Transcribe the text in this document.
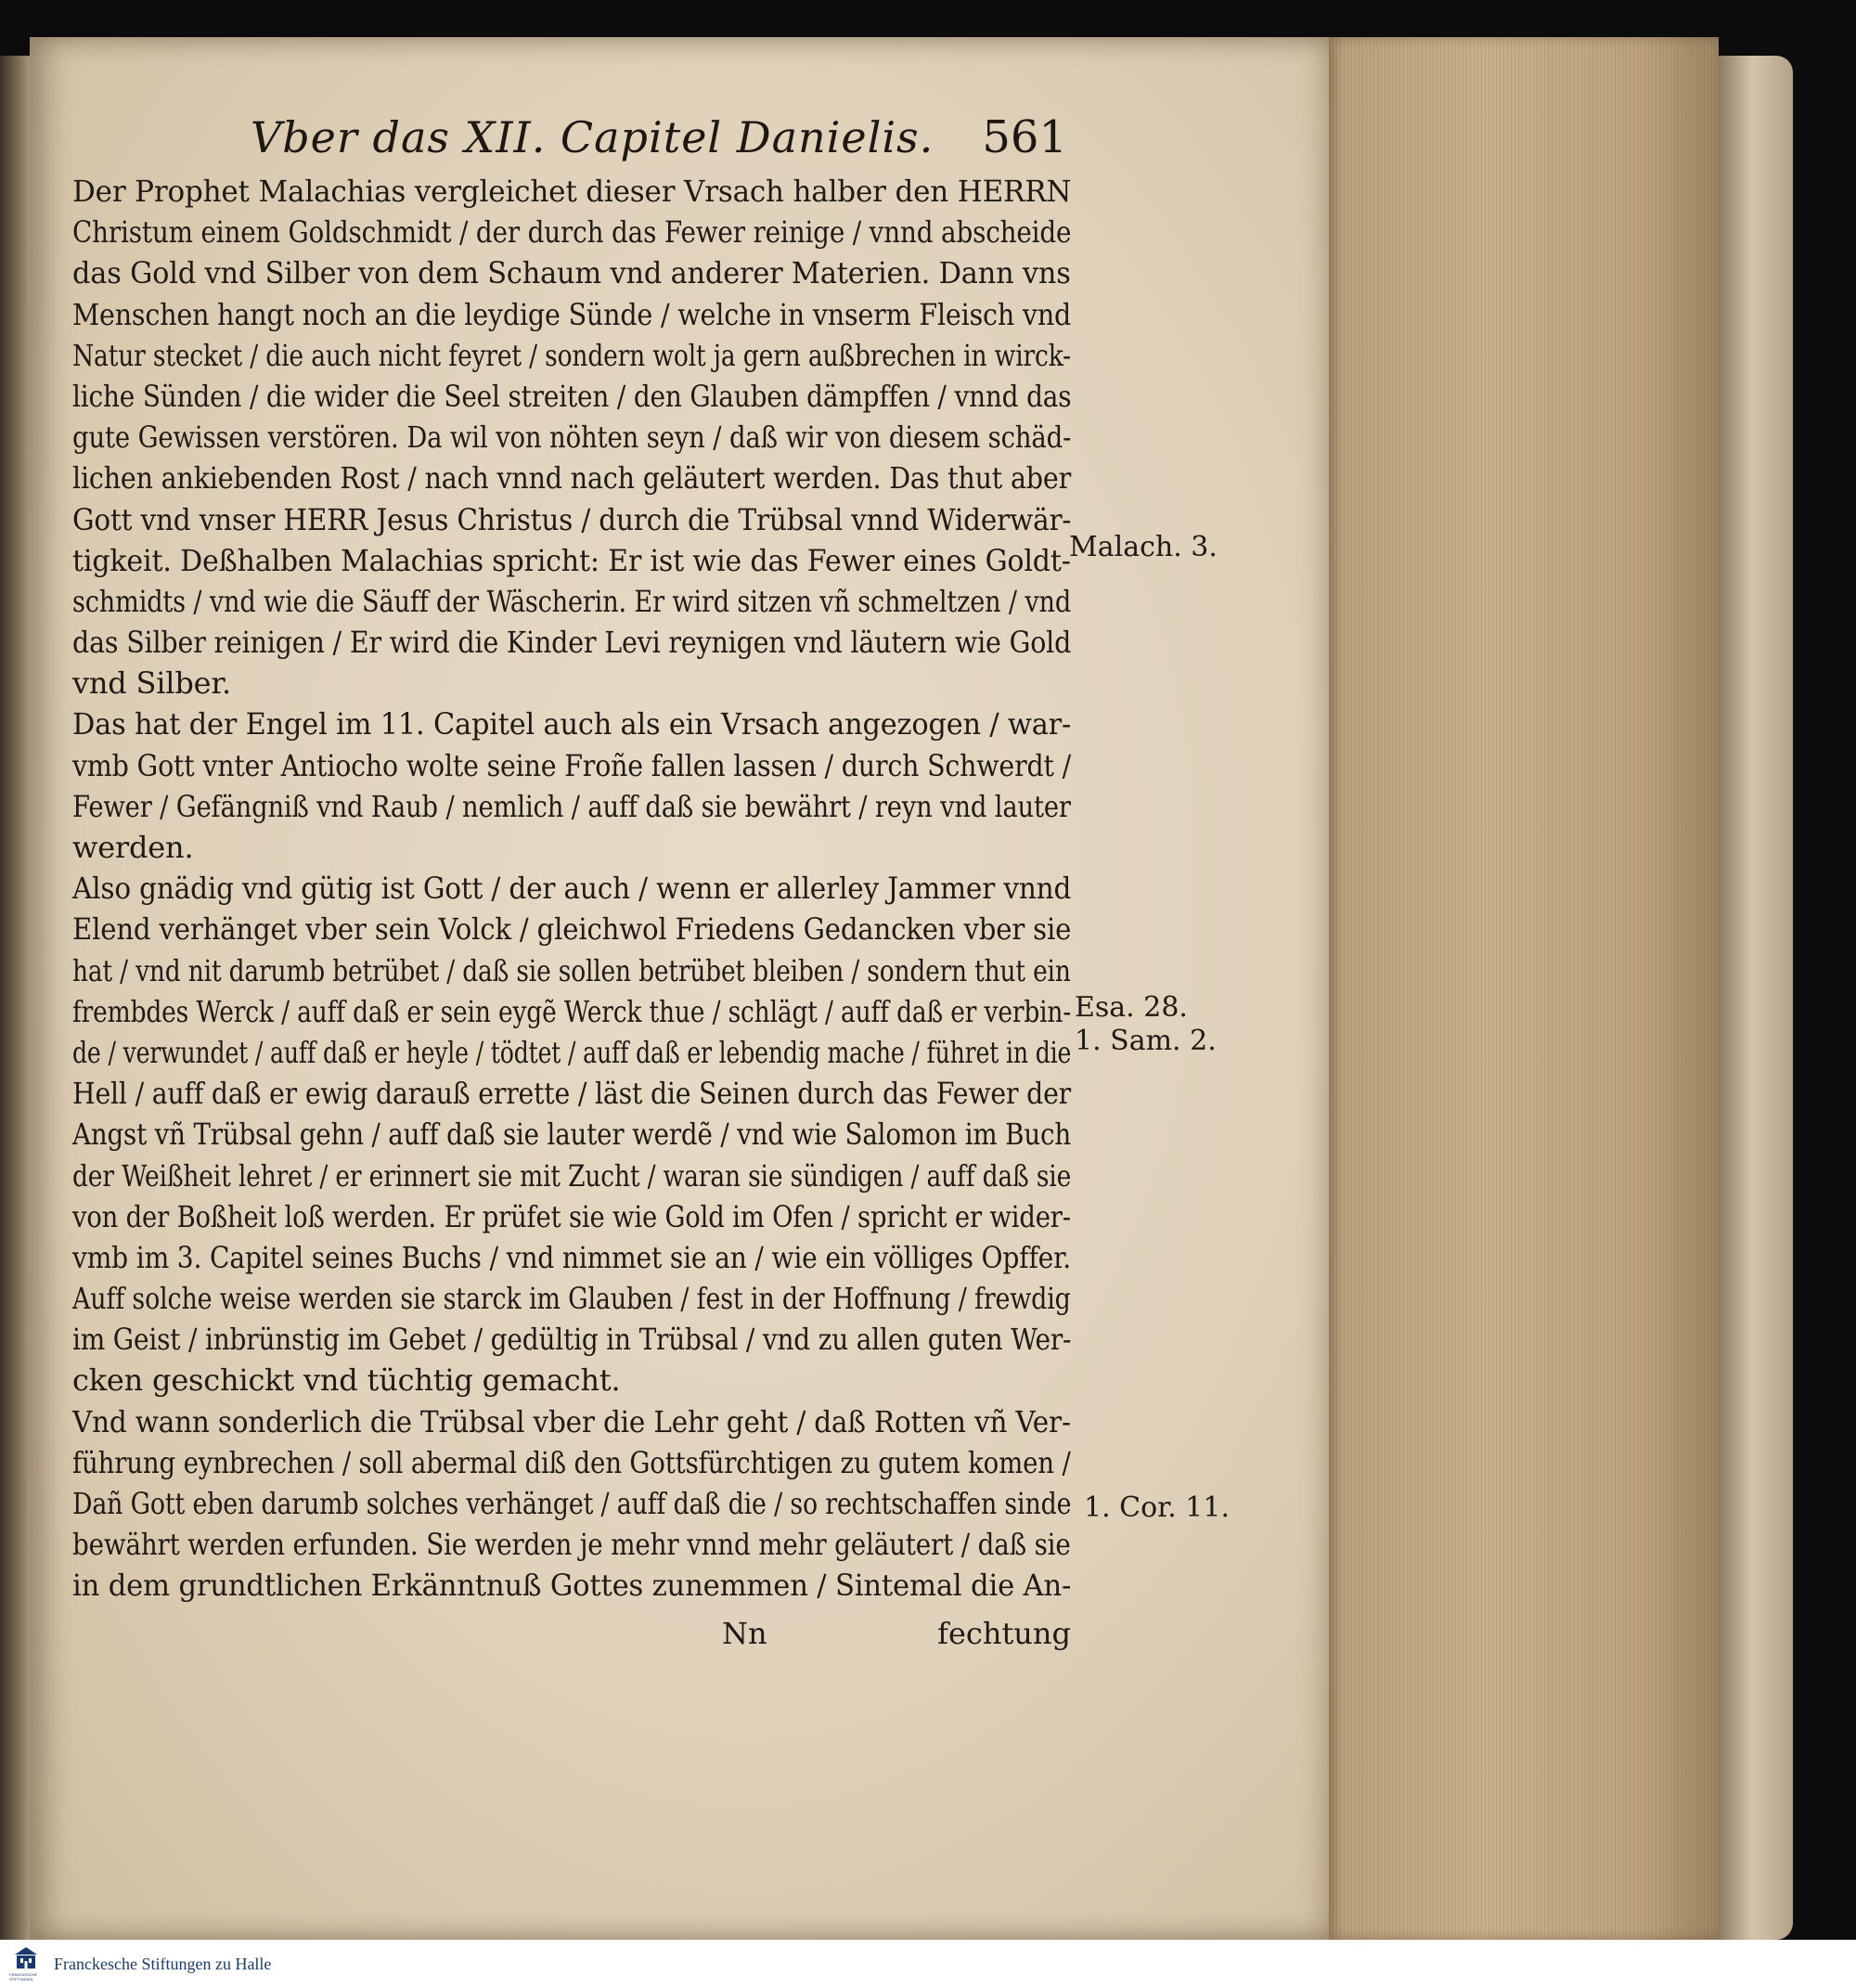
Vber das XII. Capitel Danielis. 561
Der Prophet Malachias vergleichet dieser Vrsach halber den HERRN
Christum einem Goldschmidt / der durch das Fewer reinige / vnnd abscheide
das Gold vnd Silber von dem Schaum vnd anderer Materien. Dann vns
Menschen hangt noch an die leydige Sünde / welche in vnserm Fleisch vnd
Natur stecket / die auch nicht feyret / sondern wolt ja gern außbrechen in wirck-
liche Sünden / die wider die Seel streiten / den Glauben dämpffen / vnnd das
gute Gewissen verstören. Da wil von nöhten seyn / daß wir von diesem schäd-
lichen ankiebenden Rost / nach vnnd nach geläutert werden. Das thut aber
Gott vnd vnser HERR Jesus Christus / durch die Trübsal vnnd Widerwär-
tigkeit. Deßhalben Malachias spricht: Er ist wie das Fewer eines Goldt-
schmidts / vnd wie die Säuff der Wäscherin. Er wird sitzen vñ schmeltzen / vnd
das Silber reinigen / Er wird die Kinder Levi reynigen vnd läutern wie Gold
vnd Silber.
Das hat der Engel im 11. Capitel auch als ein Vrsach angezogen / war-
vmb Gott vnter Antiocho wolte seine Froñe fallen lassen / durch Schwerdt /
Fewer / Gefängniß vnd Raub / nemlich / auff daß sie bewährt / reyn vnd lauter
werden.
Also gnädig vnd gütig ist Gott / der auch / wenn er allerley Jammer vnnd
Elend verhänget vber sein Volck / gleichwol Friedens Gedancken vber sie
hat / vnd nit darumb betrübet / daß sie sollen betrübet bleiben / sondern thut ein
frembdes Werck / auff daß er sein eygẽ Werck thue / schlägt / auff daß er verbin-
de / verwundet / auff daß er heyle / tödtet / auff daß er lebendig mache / führet in die
Hell / auff daß er ewig darauß errette / läst die Seinen durch das Fewer der
Angst vñ Trübsal gehn / auff daß sie lauter werdẽ / vnd wie Salomon im Buch
der Weißheit lehret / er erinnert sie mit Zucht / waran sie sündigen / auff daß sie
von der Boßheit loß werden. Er prüfet sie wie Gold im Ofen / spricht er wider-
vmb im 3. Capitel seines Buchs / vnd nimmet sie an / wie ein völliges Opffer.
Auff solche weise werden sie starck im Glauben / fest in der Hoffnung / frewdig
im Geist / inbrünstig im Gebet / gedültig in Trübsal / vnd zu allen guten Wer-
cken geschickt vnd tüchtig gemacht.
Vnd wann sonderlich die Trübsal vber die Lehr geht / daß Rotten vñ Ver-
führung eynbrechen / soll abermal diß den Gottsfürchtigen zu gutem komen /
Dañ Gott eben darumb solches verhänget / auff daß die / so rechtschaffen sinde
bewährt werden erfunden. Sie werden je mehr vnnd mehr geläutert / daß sie
in dem grundtlichen Erkänntnuß Gottes zunemmen / Sintemal die An-
Nn	fechtung
Malach. 3.
Esa. 28.
1. Sam. 2.
1. Cor. 11.
FRANCKESCHE STIFTUNGEN
Franckesche Stiftungen zu Halle
